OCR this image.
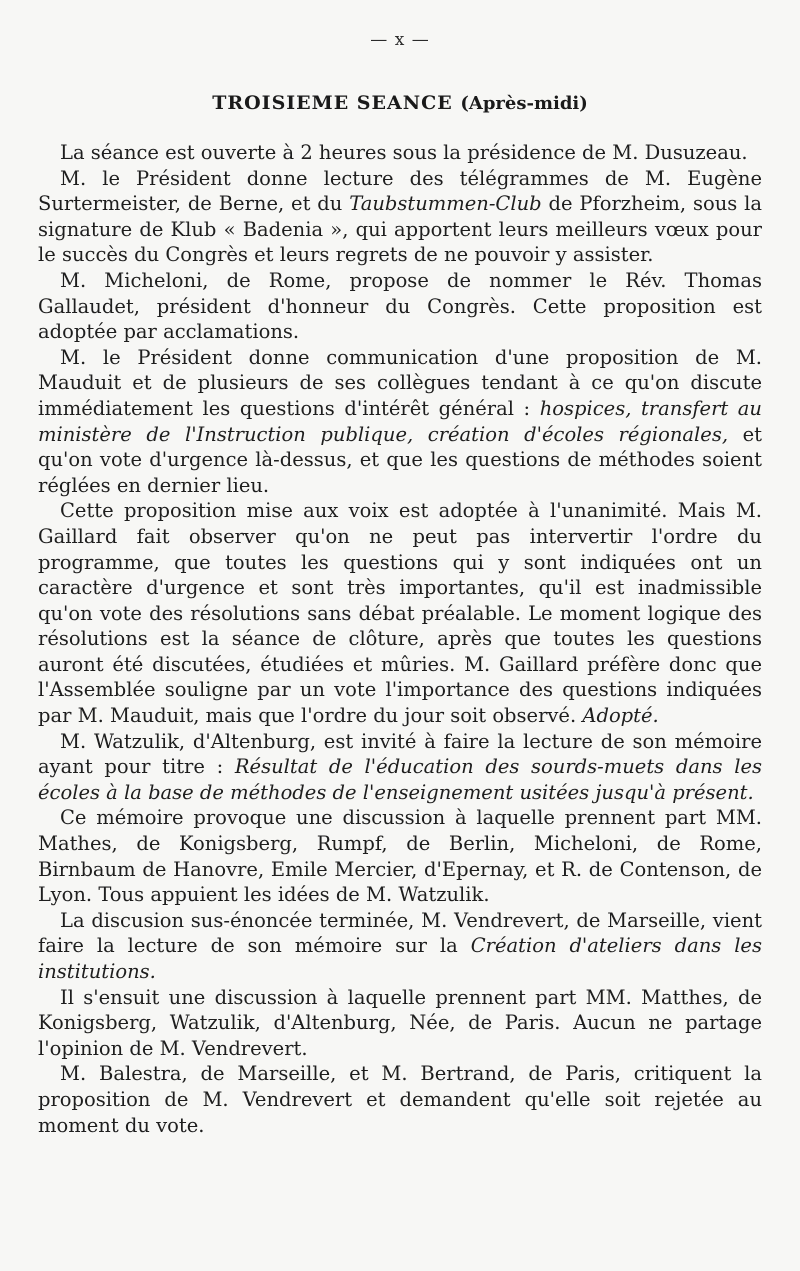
— x —
TROISIEME SEANCE (Après-midi)

La séance est ouverte à 2 heures sous la présidence de M. Dusuzeau.

M. le Président donne lecture des télégrammes de M. Eugène Surtermeister, de Berne, et du Taubstummen-Club de Pforzheim, sous la signature de Klub « Badenia », qui apportent leurs meilleurs vœux pour le succès du Congrès et leurs regrets de ne pouvoir y assister.

M. Micheloni, de Rome, propose de nommer le Rév. Thomas Gallaudet, président d'honneur du Congrès. Cette proposition est adoptée par acclamations.

M. le Président donne communication d'une proposition de M. Mauduit et de plusieurs de ses collègues tendant à ce qu'on discute immédiatement les questions d'intérêt général : hospices, transfert au ministère de l'Instruction publique, création d'écoles régionales, et qu'on vote d'urgence là-dessus, et que les questions de méthodes soient réglées en dernier lieu.

Cette proposition mise aux voix est adoptée à l'unanimité. Mais M. Gaillard fait observer qu'on ne peut pas intervertir l'ordre du programme, que toutes les questions qui y sont indiquées ont un caractère d'urgence et sont très importantes, qu'il est inadmissible qu'on vote des résolutions sans débat préalable. Le moment logique des résolutions est la séance de clôture, après que toutes les questions auront été discutées, étudiées et mûries. M. Gaillard préfère donc que l'Assemblée souligne par un vote l'importance des questions indiquées par M. Mauduit, mais que l'ordre du jour soit observé. Adopté.

M. Watzulik, d'Altenburg, est invité à faire la lecture de son mémoire ayant pour titre : Résultat de l'éducation des sourds-muets dans les écoles à la base de méthodes de l'enseignement usitées jusqu'à présent.

Ce mémoire provoque une discussion à laquelle prennent part MM. Mathes, de Konigsberg, Rumpf, de Berlin, Micheloni, de Rome, Birnbaum de Hanovre, Emile Mercier, d'Epernay, et R. de Contenson, de Lyon. Tous appuient les idées de M. Watzulik.

La discusion sus-énoncée terminée, M. Vendrevert, de Marseille, vient faire la lecture de son mémoire sur la Création d'ateliers dans les institutions.

Il s'ensuit une discussion à laquelle prennent part MM. Matthes, de Konigsberg, Watzulik, d'Altenburg, Née, de Paris. Aucun ne partage l'opinion de M. Vendrevert.

M. Balestra, de Marseille, et M. Bertrand, de Paris, critiquent la proposition de M. Vendrevert et demandent qu'elle soit rejetée au moment du vote.
